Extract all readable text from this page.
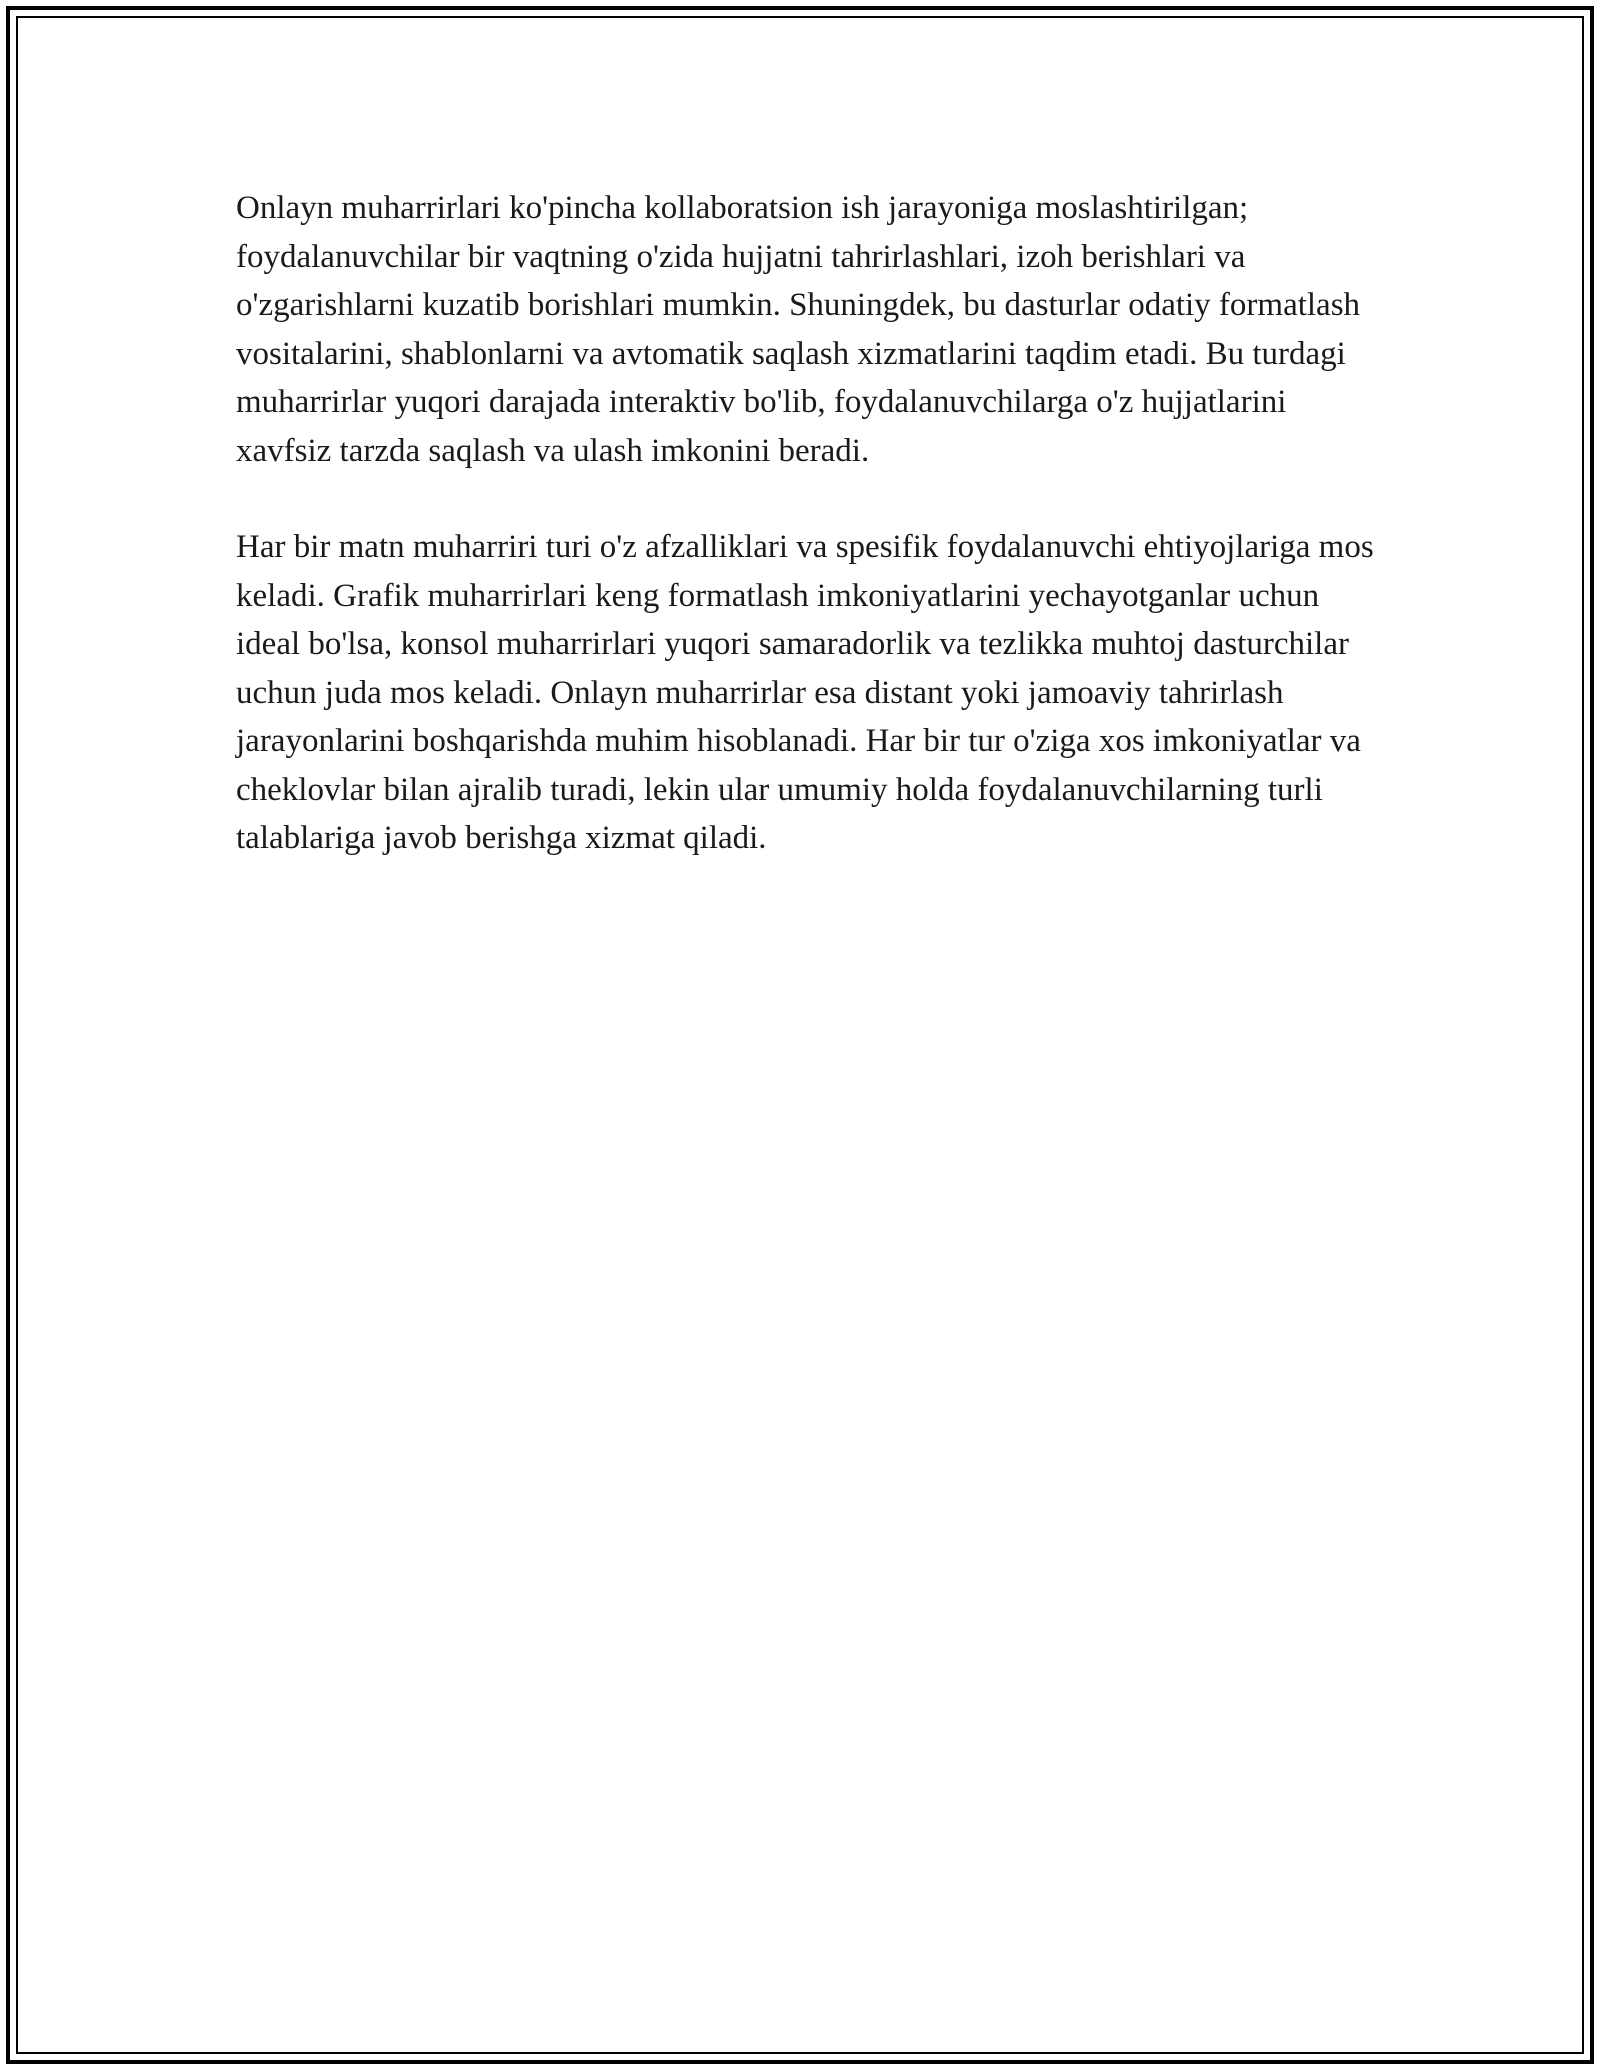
Onlayn muharrirlari ko'pincha kollaboratsion ish jarayoniga moslashtirilgan; foydalanuvchilar bir vaqtning o'zida hujjatni tahrirlashlari, izoh berishlari va o'zgarishlarni kuzatib borishlari mumkin. Shuningdek, bu dasturlar odatiy formatlash vositalarini, shablonlarni va avtomatik saqlash xizmatlarini taqdim etadi. Bu turdagi muharrirlar yuqori darajada interaktiv bo'lib, foydalanuvchilarga o'z hujjatlarini xavfsiz tarzda saqlash va ulash imkonini beradi.

Har bir matn muharriri turi o'z afzalliklari va spesifik foydalanuvchi ehtiyojlariga mos keladi. Grafik muharrirlari keng formatlash imkoniyatlarini yechayotganlar uchun ideal bo'lsa, konsol muharrirlari yuqori samaradorlik va tezlikka muhtoj dasturchilar uchun juda mos keladi. Onlayn muharrirlar esa distant yoki jamoaviy tahrirlash jarayonlarini boshqarishda muhim hisoblanadi. Har bir tur o'ziga xos imkoniyatlar va cheklovlar bilan ajralib turadi, lekin ular umumiy holda foydalanuvchilarning turli talablariga javob berishga xizmat qiladi.
